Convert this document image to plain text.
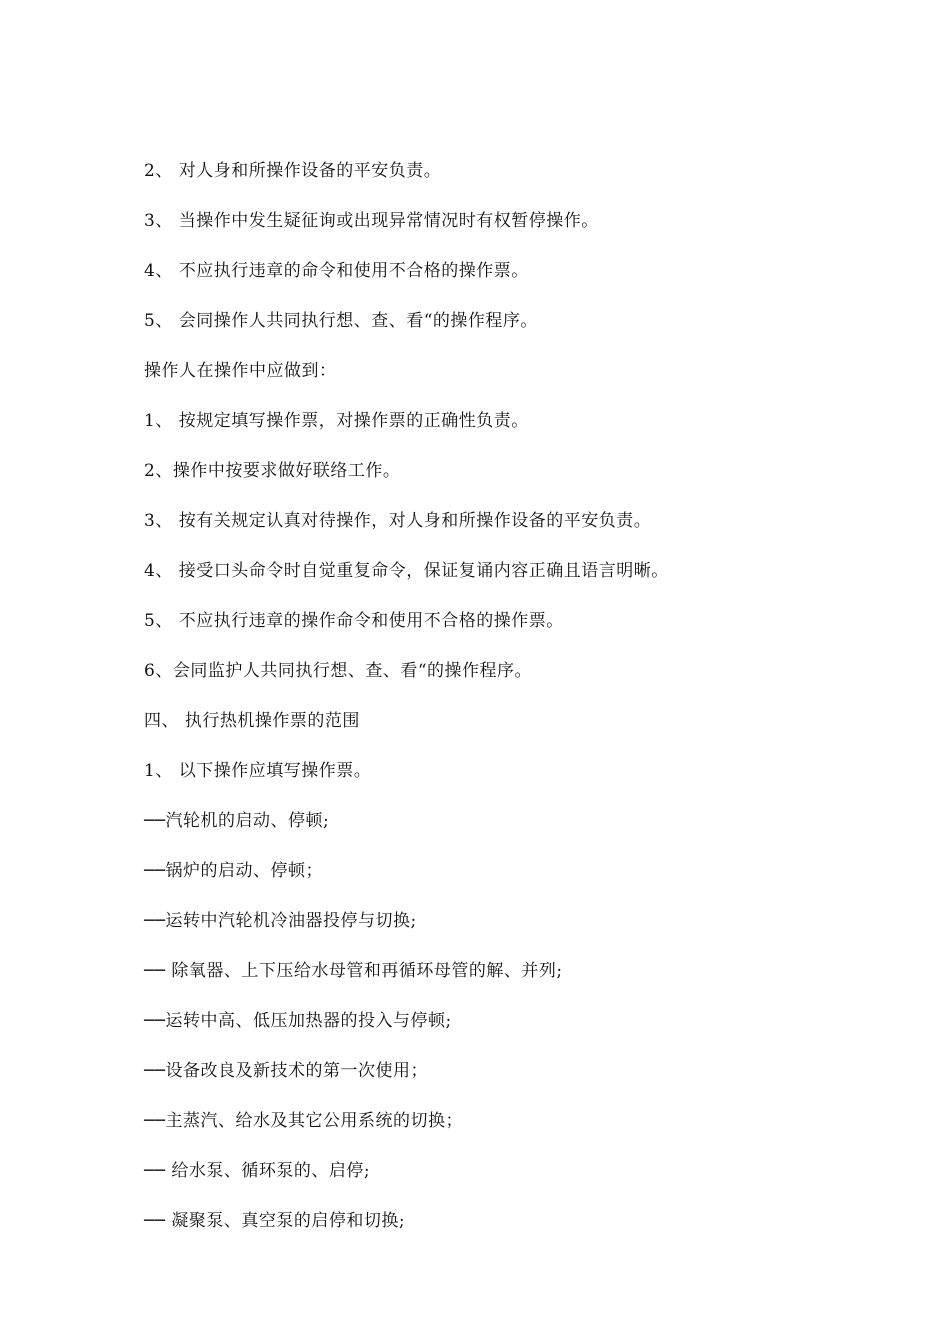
2、 对人身和所操作设备的平安负责。
3、 当操作中发生疑征询或出现异常情况时有权暂停操作。
4、 不应执行违章的命令和使用不合格的操作票。
5、 会同操作人共同执行想、查、看“的操作程序。
操作人在操作中应做到：
1、 按规定填写操作票，对操作票的正确性负责。
2、操作中按要求做好联络工作。
3、 按有关规定认真对待操作，对人身和所操作设备的平安负责。
4、 接受口头命令时自觉重复命令，保证复诵内容正确且语言明晰。
5、 不应执行违章的操作命令和使用不合格的操作票。
6、会同监护人共同执行想、查、看“的操作程序。
四、 执行热机操作票的范围
1、 以下操作应填写操作票。
──汽轮机的启动、停顿;
──锅炉的启动、停顿；
──运转中汽轮机冷油器投停与切换;
── 除氧器、上下压给水母管和再循环母管的解、并列;
──运转中高、低压加热器的投入与停顿;
──设备改良及新技术的第一次使用；
──主蒸汽、给水及其它公用系统的切换；
── 给水泵、循环泵的、启停;
── 凝聚泵、真空泵的启停和切换;
